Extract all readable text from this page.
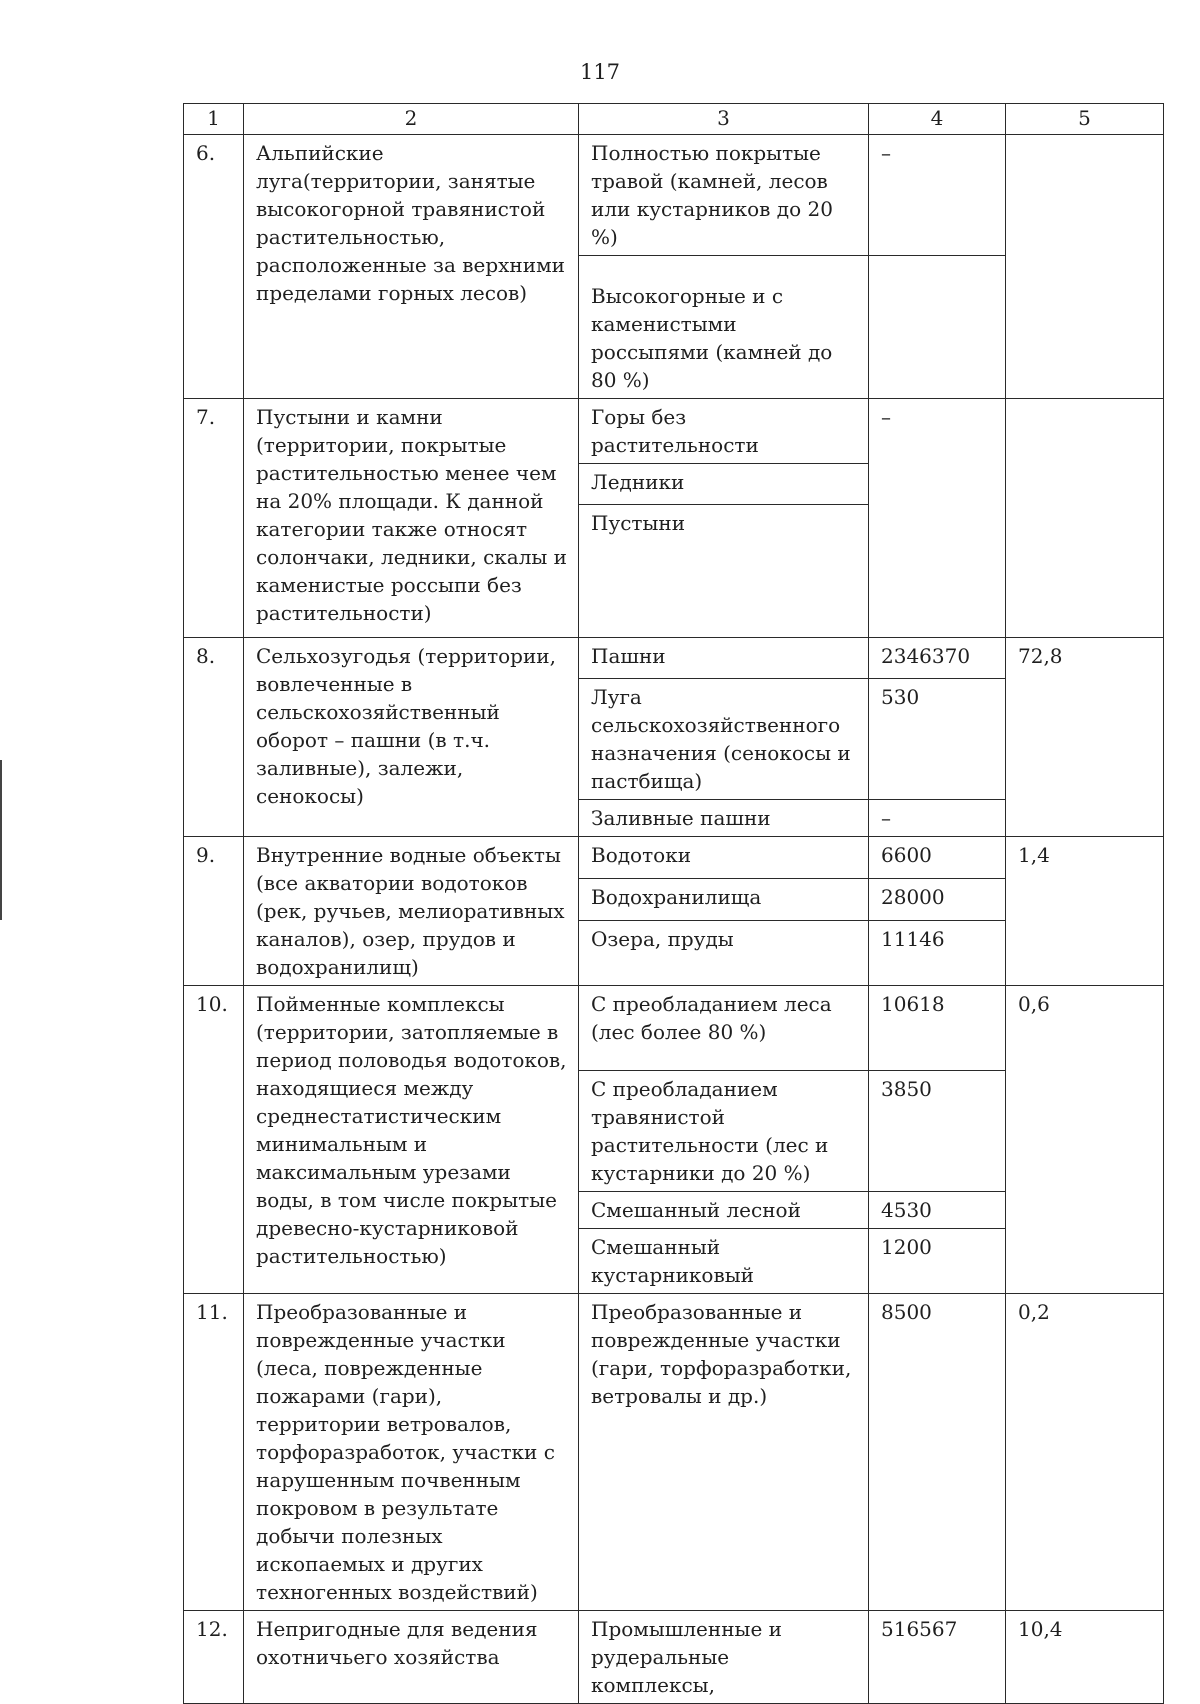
117
1	2	3	4	5
6.	Альпийские луга(территории, занятые высокогорной травянистой растительностью, расположенные за верхними пределами горных лесов)	Полностью покрытые травой (камней, лесов или кустарников до 20 %)	–	
		Высокогорные и с каменистыми россыпями (камней до 80 %)		
7.	Пустыни и камни (территории, покрытые растительностью менее чем на 20% площади. К данной категории также относят солончаки, ледники, скалы и каменистые россыпи без растительности)	Горы без растительности	–	
		Ледники		
		Пустыни		
8.	Сельхозугодья (территории, вовлеченные в сельскохозяйственный оборот – пашни (в т.ч. заливные), залежи, сенокосы)	Пашни	2346370	72,8
		Луга сельскохозяйственного назначения (сенокосы и пастбища)	530	
		Заливные пашни	–	
9.	Внутренние водные объекты (все акватории водотоков (рек, ручьев, мелиоративных каналов), озер, прудов и водохранилищ)	Водотоки	6600	1,4
		Водохранилища	28000	
		Озера, пруды	11146	
10.	Пойменные комплексы (территории, затопляемые в период половодья водотоков, находящиеся между среднестатистическим минимальным и максимальным урезами воды, в том числе покрытые древесно-кустарниковой растительностью)	С преобладанием леса (лес более 80 %)	10618	0,6
		С преобладанием травянистой растительности (лес и кустарники до 20 %)	3850	
		Смешанный лесной	4530	
		Смешанный кустарниковый	1200	
11.	Преобразованные и поврежденные участки (леса, поврежденные пожарами (гари), территории ветровалов, торфоразработок, участки с нарушенным почвенным покровом в результате добычи полезных ископаемых и других техногенных воздействий)	Преобразованные и поврежденные участки (гари, торфоразработки, ветровалы и др.)	8500	0,2
12.	Непригодные для ведения охотничьего хозяйства	Промышленные и рудеральные комплексы,	516567	10,4
